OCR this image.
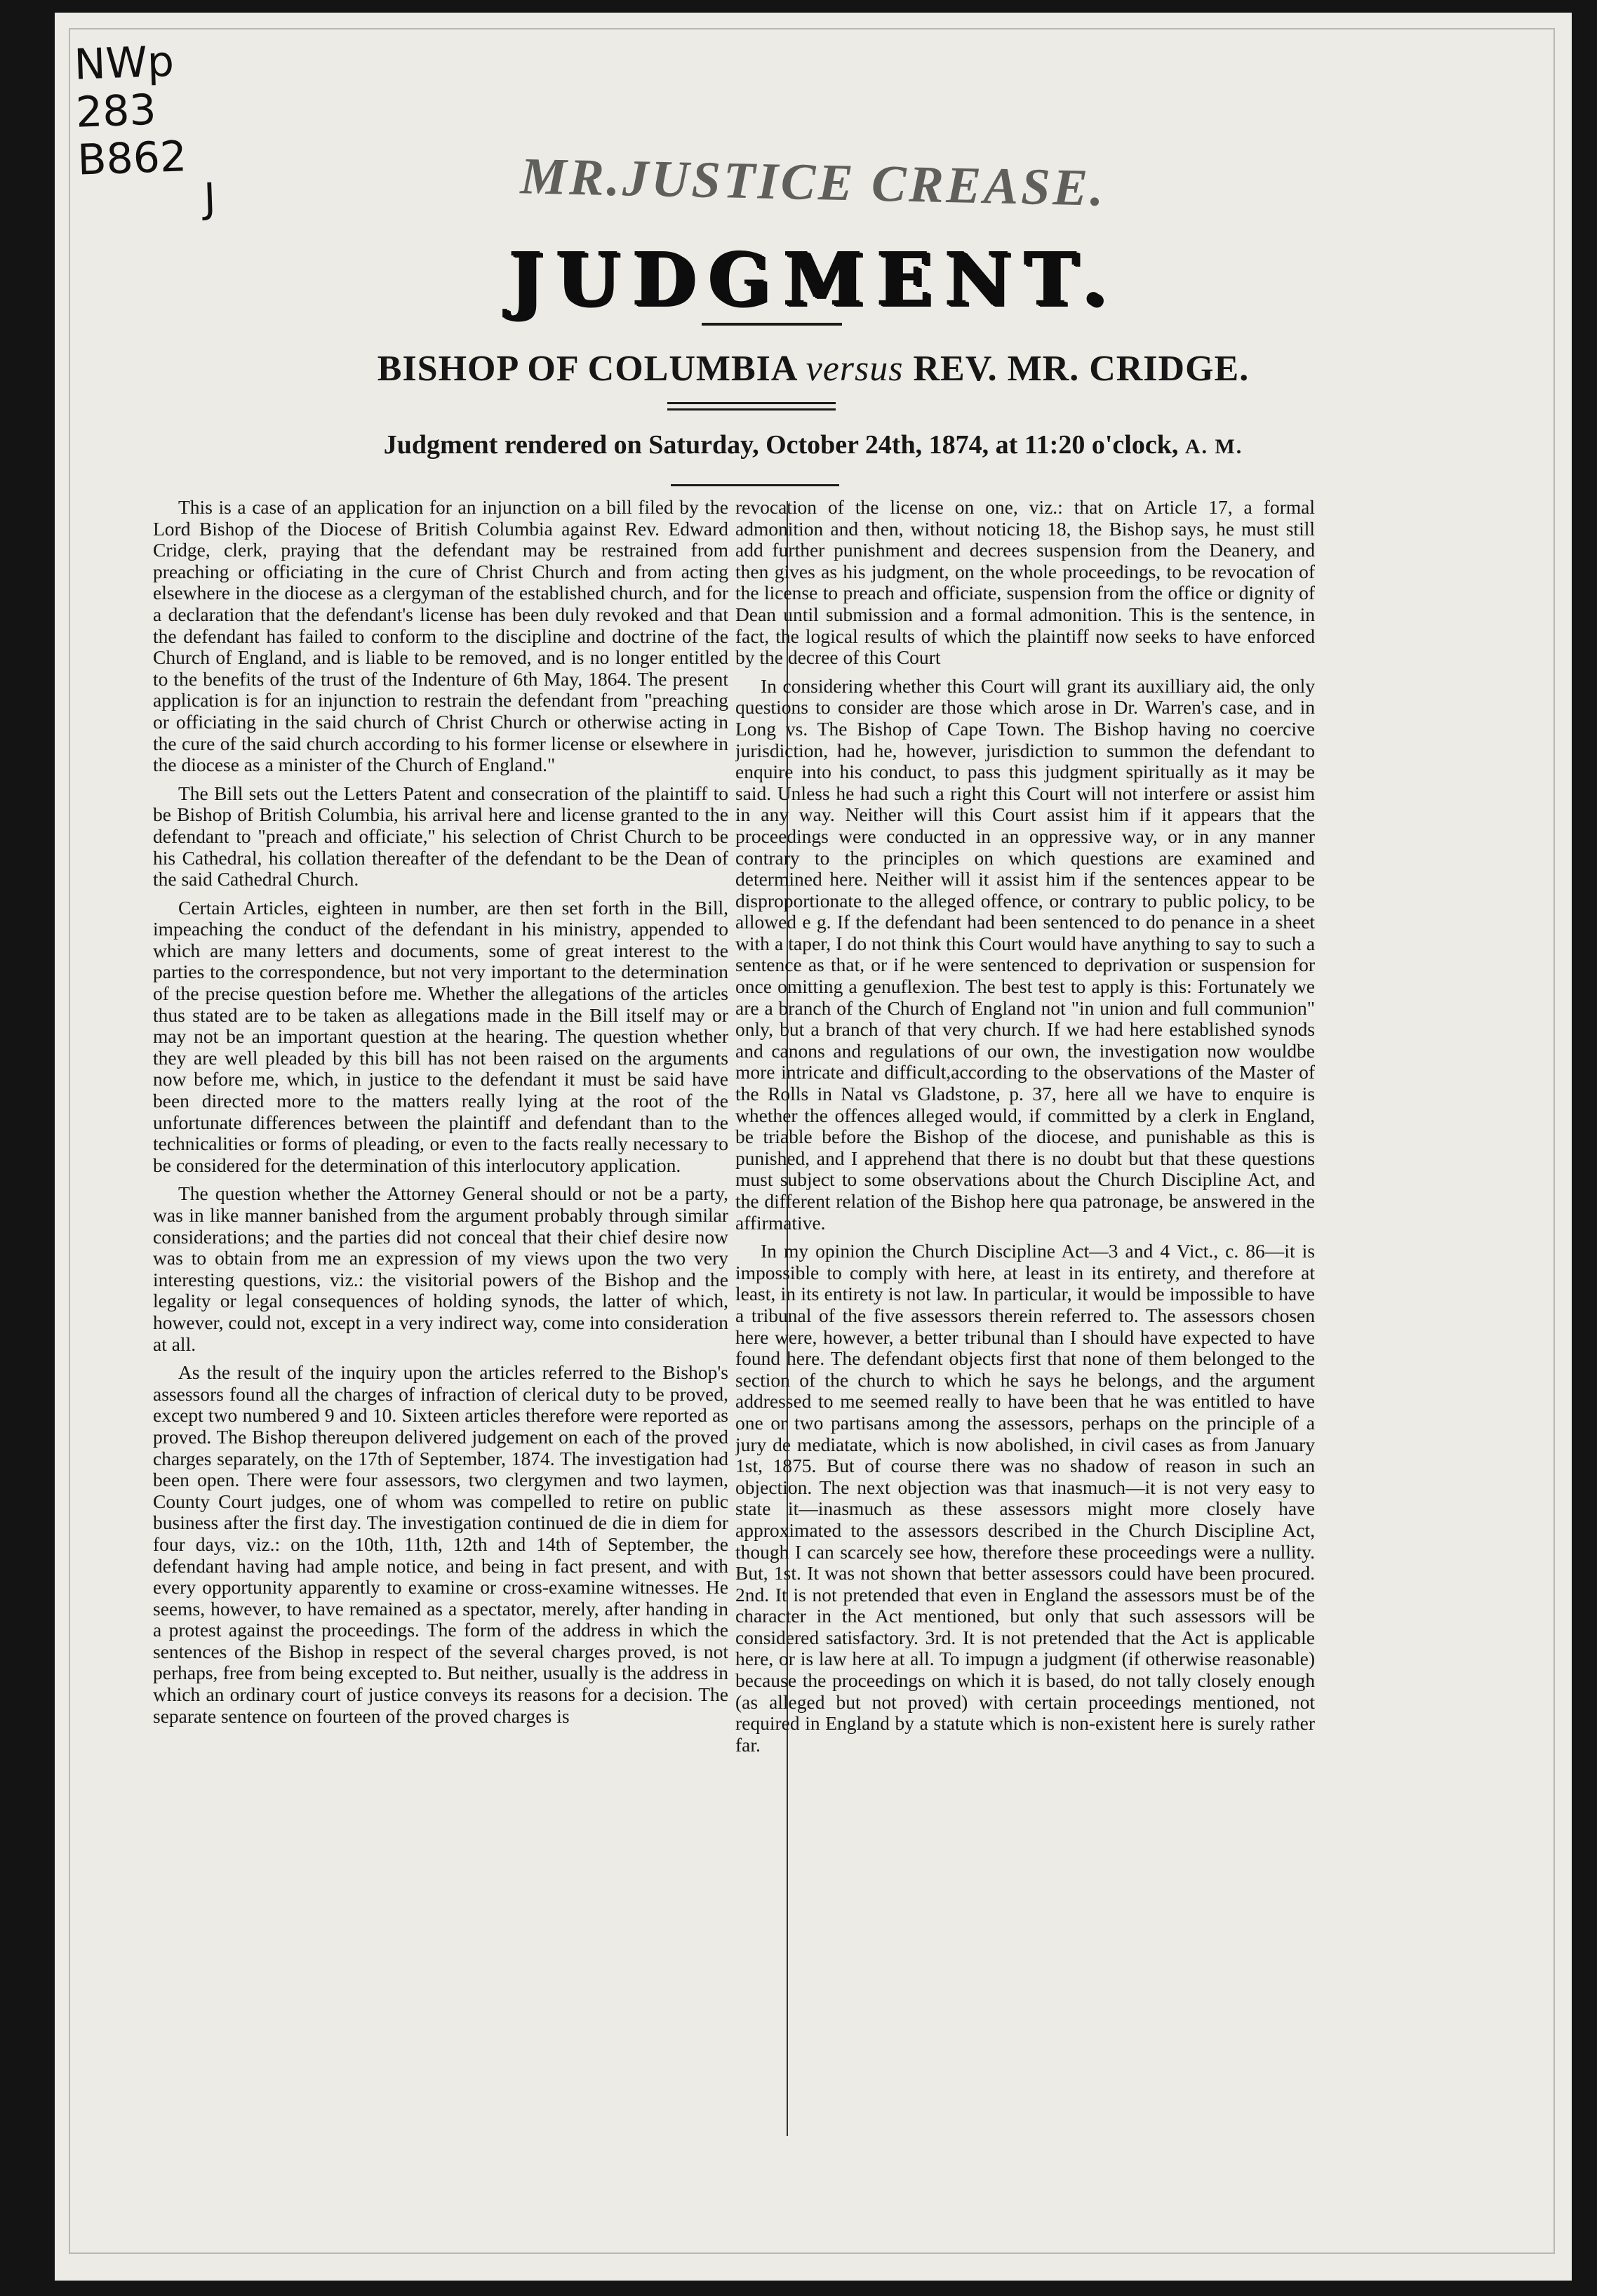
NWp
283
B862
J	MR.JUSTICE CREASE.
JUDGMENT.
BISHOP OF COLUMBIA versus REV. MR. CRIDGE.
Judgment rendered on Saturday, October 24th, 1874, at 11:20 o'clock, A. M.

This is a case of an application for an injunction on a bill filed by the Lord Bishop of the Diocese of British Columbia against Rev. Edward Cridge, clerk, praying that the defendant may be restrained from preaching or officiating in the cure of Christ Church and from acting elsewhere in the diocese as a clergyman of the established church, and for a declaration that the defendant's license has been duly revoked and that the defendant has failed to conform to the discipline and doctrine of the Church of England, and is liable to be removed, and is no longer entitled to the benefits of the trust of the Indenture of 6th May, 1864. The present application is for an injunction to restrain the defendant from "preaching or officiating in the said church of Christ Church or otherwise acting in the cure of the said church according to his former license or elsewhere in the diocese as a minister of the Church of England."

The Bill sets out the Letters Patent and consecration of the plaintiff to be Bishop of British Columbia, his arrival here and license granted to the defendant to "preach and officiate," his selection of Christ Church to be his Cathedral, his collation thereafter of the defendant to be the Dean of the said Cathedral Church.

Certain Articles, eighteen in number, are then set forth in the Bill, impeaching the conduct of the defendant in his ministry, appended to which are many letters and documents, some of great interest to the parties to the correspondence, but not very important to the determination of the precise question before me. Whether the allegations of the articles thus stated are to be taken as allegations made in the Bill itself may or may not be an important question at the hearing. The question whether they are well pleaded by this bill has not been raised on the arguments now before me, which, in justice to the defendant it must be said have been directed more to the matters really lying at the root of the unfortunate differences between the plaintiff and defendant than to the technicalities or forms of pleading, or even to the facts really necessary to be considered for the determination of this interlocutory application.

The question whether the Attorney General should or not be a party, was in like manner banished from the argument probably through similar considerations; and the parties did not conceal that their chief desire now was to obtain from me an expression of my views upon the two very interesting questions, viz.: the visitorial powers of the Bishop and the legality or legal consequences of holding synods, the latter of which, however, could not, except in a very indirect way, come into consideration at all.

As the result of the inquiry upon the articles referred to the Bishop's assessors found all the charges of infraction of clerical duty to be proved, except two numbered 9 and 10. Sixteen articles therefore were reported as proved. The Bishop thereupon delivered judgement on each of the proved charges separately, on the 17th of September, 1874. The investigation had been open. There were four assessors, two clergymen and two laymen, County Court judges, one of whom was compelled to retire on public business after the first day. The investigation continued de die in diem for four days, viz.: on the 10th, 11th, 12th and 14th of September, the defendant having had ample notice, and being in fact present, and with every opportunity apparently to examine or cross-examine witnesses. He seems, however, to have remained as a spectator, merely, after handing in a protest against the proceedings. The form of the address in which the sentences of the Bishop in respect of the several charges proved, is not perhaps, free from being excepted to. But neither, usually is the address in which an ordinary court of justice conveys its reasons for a decision. The separate sentence on fourteen of the proved charges is

revocation of the license on one, viz.: that on Article 17, a formal admonition and then, without noticing 18, the Bishop says, he must still add further punishment and decrees suspension from the Deanery, and then gives as his judgment, on the whole proceedings, to be revocation of the license to preach and officiate, suspension from the office or dignity of Dean until submission and a formal admonition. This is the sentence, in fact, the logical results of which the plaintiff now seeks to have enforced by the decree of this Court

In considering whether this Court will grant its auxilliary aid, the only questions to consider are those which arose in Dr. Warren's case, and in Long vs. The Bishop of Cape Town. The Bishop having no coercive jurisdiction, had he, however, jurisdiction to summon the defendant to enquire into his conduct, to pass this judgment spiritually as it may be said. Unless he had such a right this Court will not interfere or assist him in any way. Neither will this Court assist him if it appears that the proceedings were conducted in an oppressive way, or in any manner contrary to the principles on which questions are examined and determined here. Neither will it assist him if the sentences appear to be disproportionate to the alleged offence, or contrary to public policy, to be allowed e g. If the defendant had been sentenced to do penance in a sheet with a taper, I do not think this Court would have anything to say to such a sentence as that, or if he were sentenced to deprivation or suspension for once omitting a genuflexion. The best test to apply is this: Fortunately we are a branch of the Church of England not "in union and full communion" only, but a branch of that very church. If we had here established synods and canons and regulations of our own, the investigation now wouldbe more intricate and difficult,according to the observations of the Master of the Rolls in Natal vs Gladstone, p. 37, here all we have to enquire is whether the offences alleged would, if committed by a clerk in England, be triable before the Bishop of the diocese, and punishable as this is punished, and I apprehend that there is no doubt but that these questions must subject to some observations about the Church Discipline Act, and the different relation of the Bishop here qua patronage, be answered in the affirmative.

In my opinion the Church Discipline Act—3 and 4 Vict., c. 86—it is impossible to comply with here, at least in its entirety, and therefore at least, in its entirety is not law. In particular, it would be impossible to have a tribunal of the five assessors therein referred to. The assessors chosen here were, however, a better tribunal than I should have expected to have found here. The defendant objects first that none of them belonged to the section of the church to which he says he belongs, and the argument addressed to me seemed really to have been that he was entitled to have one or two partisans among the assessors, perhaps on the principle of a jury de mediatate, which is now abolished, in civil cases as from January 1st, 1875. But of course there was no shadow of reason in such an objection. The next objection was that inasmuch—it is not very easy to state it—inasmuch as these assessors might more closely have approximated to the assessors described in the Church Discipline Act, though I can scarcely see how, therefore these proceedings were a nullity. But, 1st. It was not shown that better assessors could have been procured. 2nd. It is not pretended that even in England the assessors must be of the character in the Act mentioned, but only that such assessors will be considered satisfactory. 3rd. It is not pretended that the Act is applicable here, or is law here at all. To impugn a judgment (if otherwise reasonable) because the proceedings on which it is based, do not tally closely enough (as alleged but not proved) with certain proceedings mentioned, not required in England by a statute which is non-existent here is surely rather far.
